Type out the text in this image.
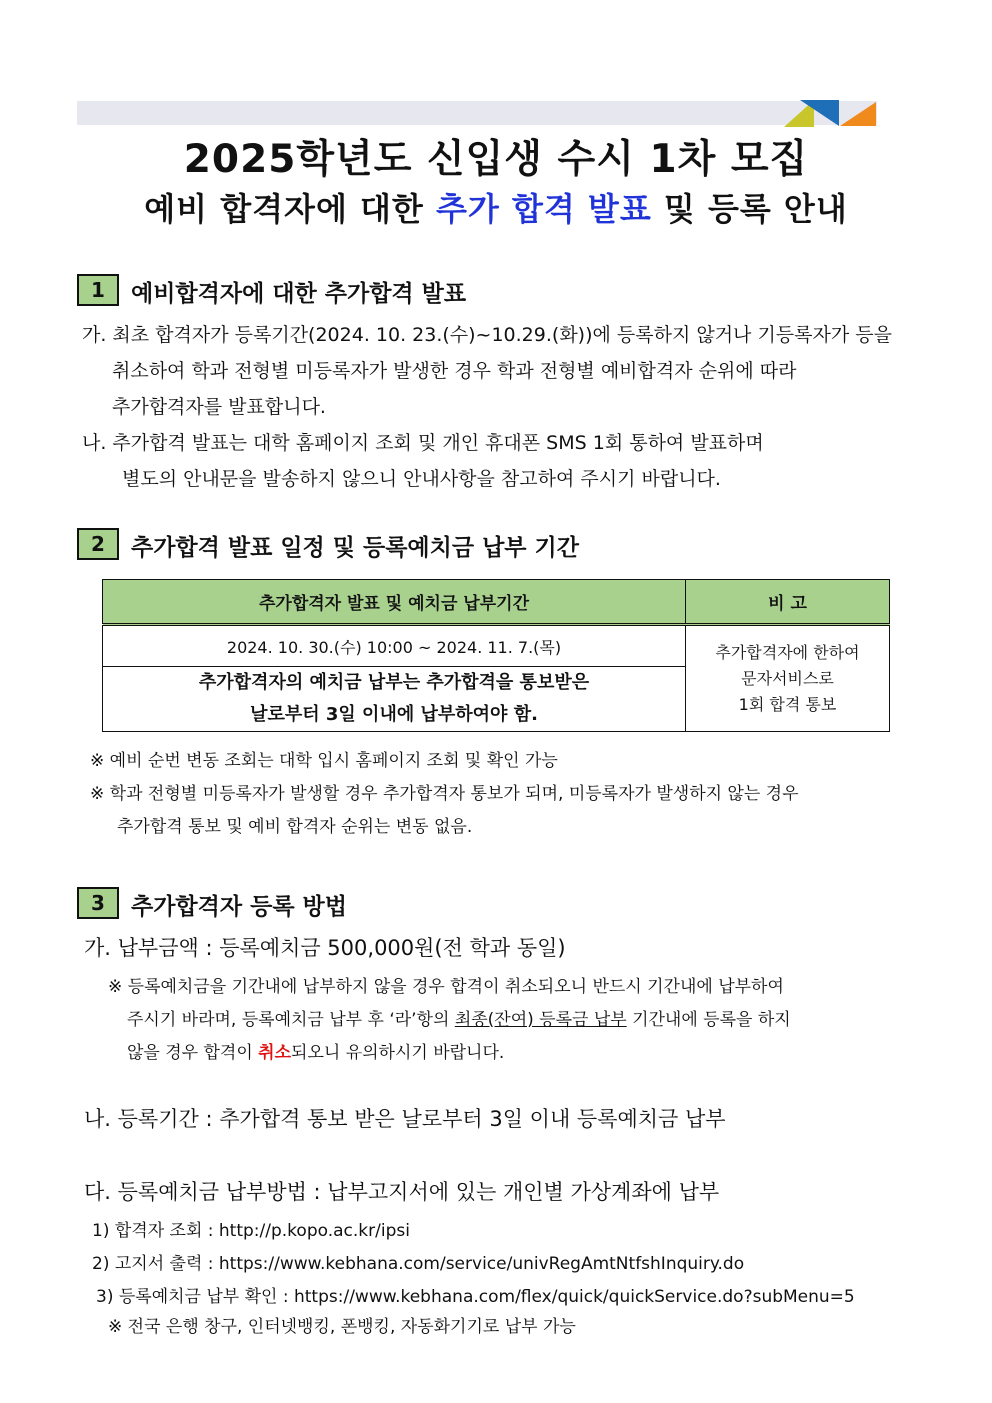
2025학년도 신입생 수시 1차 모집
예비 합격자에 대한 추가 합격 발표 및 등록 안내
1	예비합격자에 대한 추가합격 발표
가. 최초 합격자가 등록기간(2024. 10. 23.(수)~10.29.(화))에 등록하지 않거나 기등록자가 등을
취소하여 학과 전형별 미등록자가 발생한 경우 학과 전형별 예비합격자 순위에 따라
추가합격자를 발표합니다.
나. 추가합격 발표는 대학 홈페이지 조회 및 개인 휴대폰 SMS 1회 통하여 발표하며
별도의 안내문을 발송하지 않으니 안내사항을 참고하여 주시기 바랍니다.
2	추가합격 발표 일정 및 등록예치금 납부 기간
추가합격자 발표 및 예치금 납부기간	비 고
2024. 10. 30.(수) 10:00 ~ 2024. 11. 7.(목)	추가합격자에 한하여
문자서비스로
1회 합격 통보

추가합격자의 예치금 납부는 추가합격을 통보받은
날로부터 3일 이내에 납부하여야 함.	
※ 예비 순번 변동 조회는 대학 입시 홈페이지 조회 및 확인 가능
※ 학과 전형별 미등록자가 발생할 경우 추가합격자 통보가 되며, 미등록자가 발생하지 않는 경우
추가합격 통보 및 예비 합격자 순위는 변동 없음.
3	추가합격자 등록 방법
가. 납부금액 : 등록예치금 500,000원(전 학과 동일)
※ 등록예치금을 기간내에 납부하지 않을 경우 합격이 취소되오니 반드시 기간내에 납부하여
주시기 바라며, 등록예치금 납부 후 ‘라’항의 최종(잔여) 등록금 납부 기간내에 등록을 하지
않을 경우 합격이 취소되오니 유의하시기 바랍니다.
나. 등록기간 : 추가합격 통보 받은 날로부터 3일 이내 등록예치금 납부
다. 등록예치금 납부방법 : 납부고지서에 있는 개인별 가상계좌에 납부
1) 합격자 조회 : http://p.kopo.ac.kr/ipsi
2) 고지서 출력 : https://www.kebhana.com/service/univRegAmtNtfshInquiry.do
3) 등록예치금 납부 확인 : https://www.kebhana.com/flex/quick/quickService.do?subMenu=5
※ 전국 은행 창구, 인터넷뱅킹, 폰뱅킹, 자동화기기로 납부 가능
